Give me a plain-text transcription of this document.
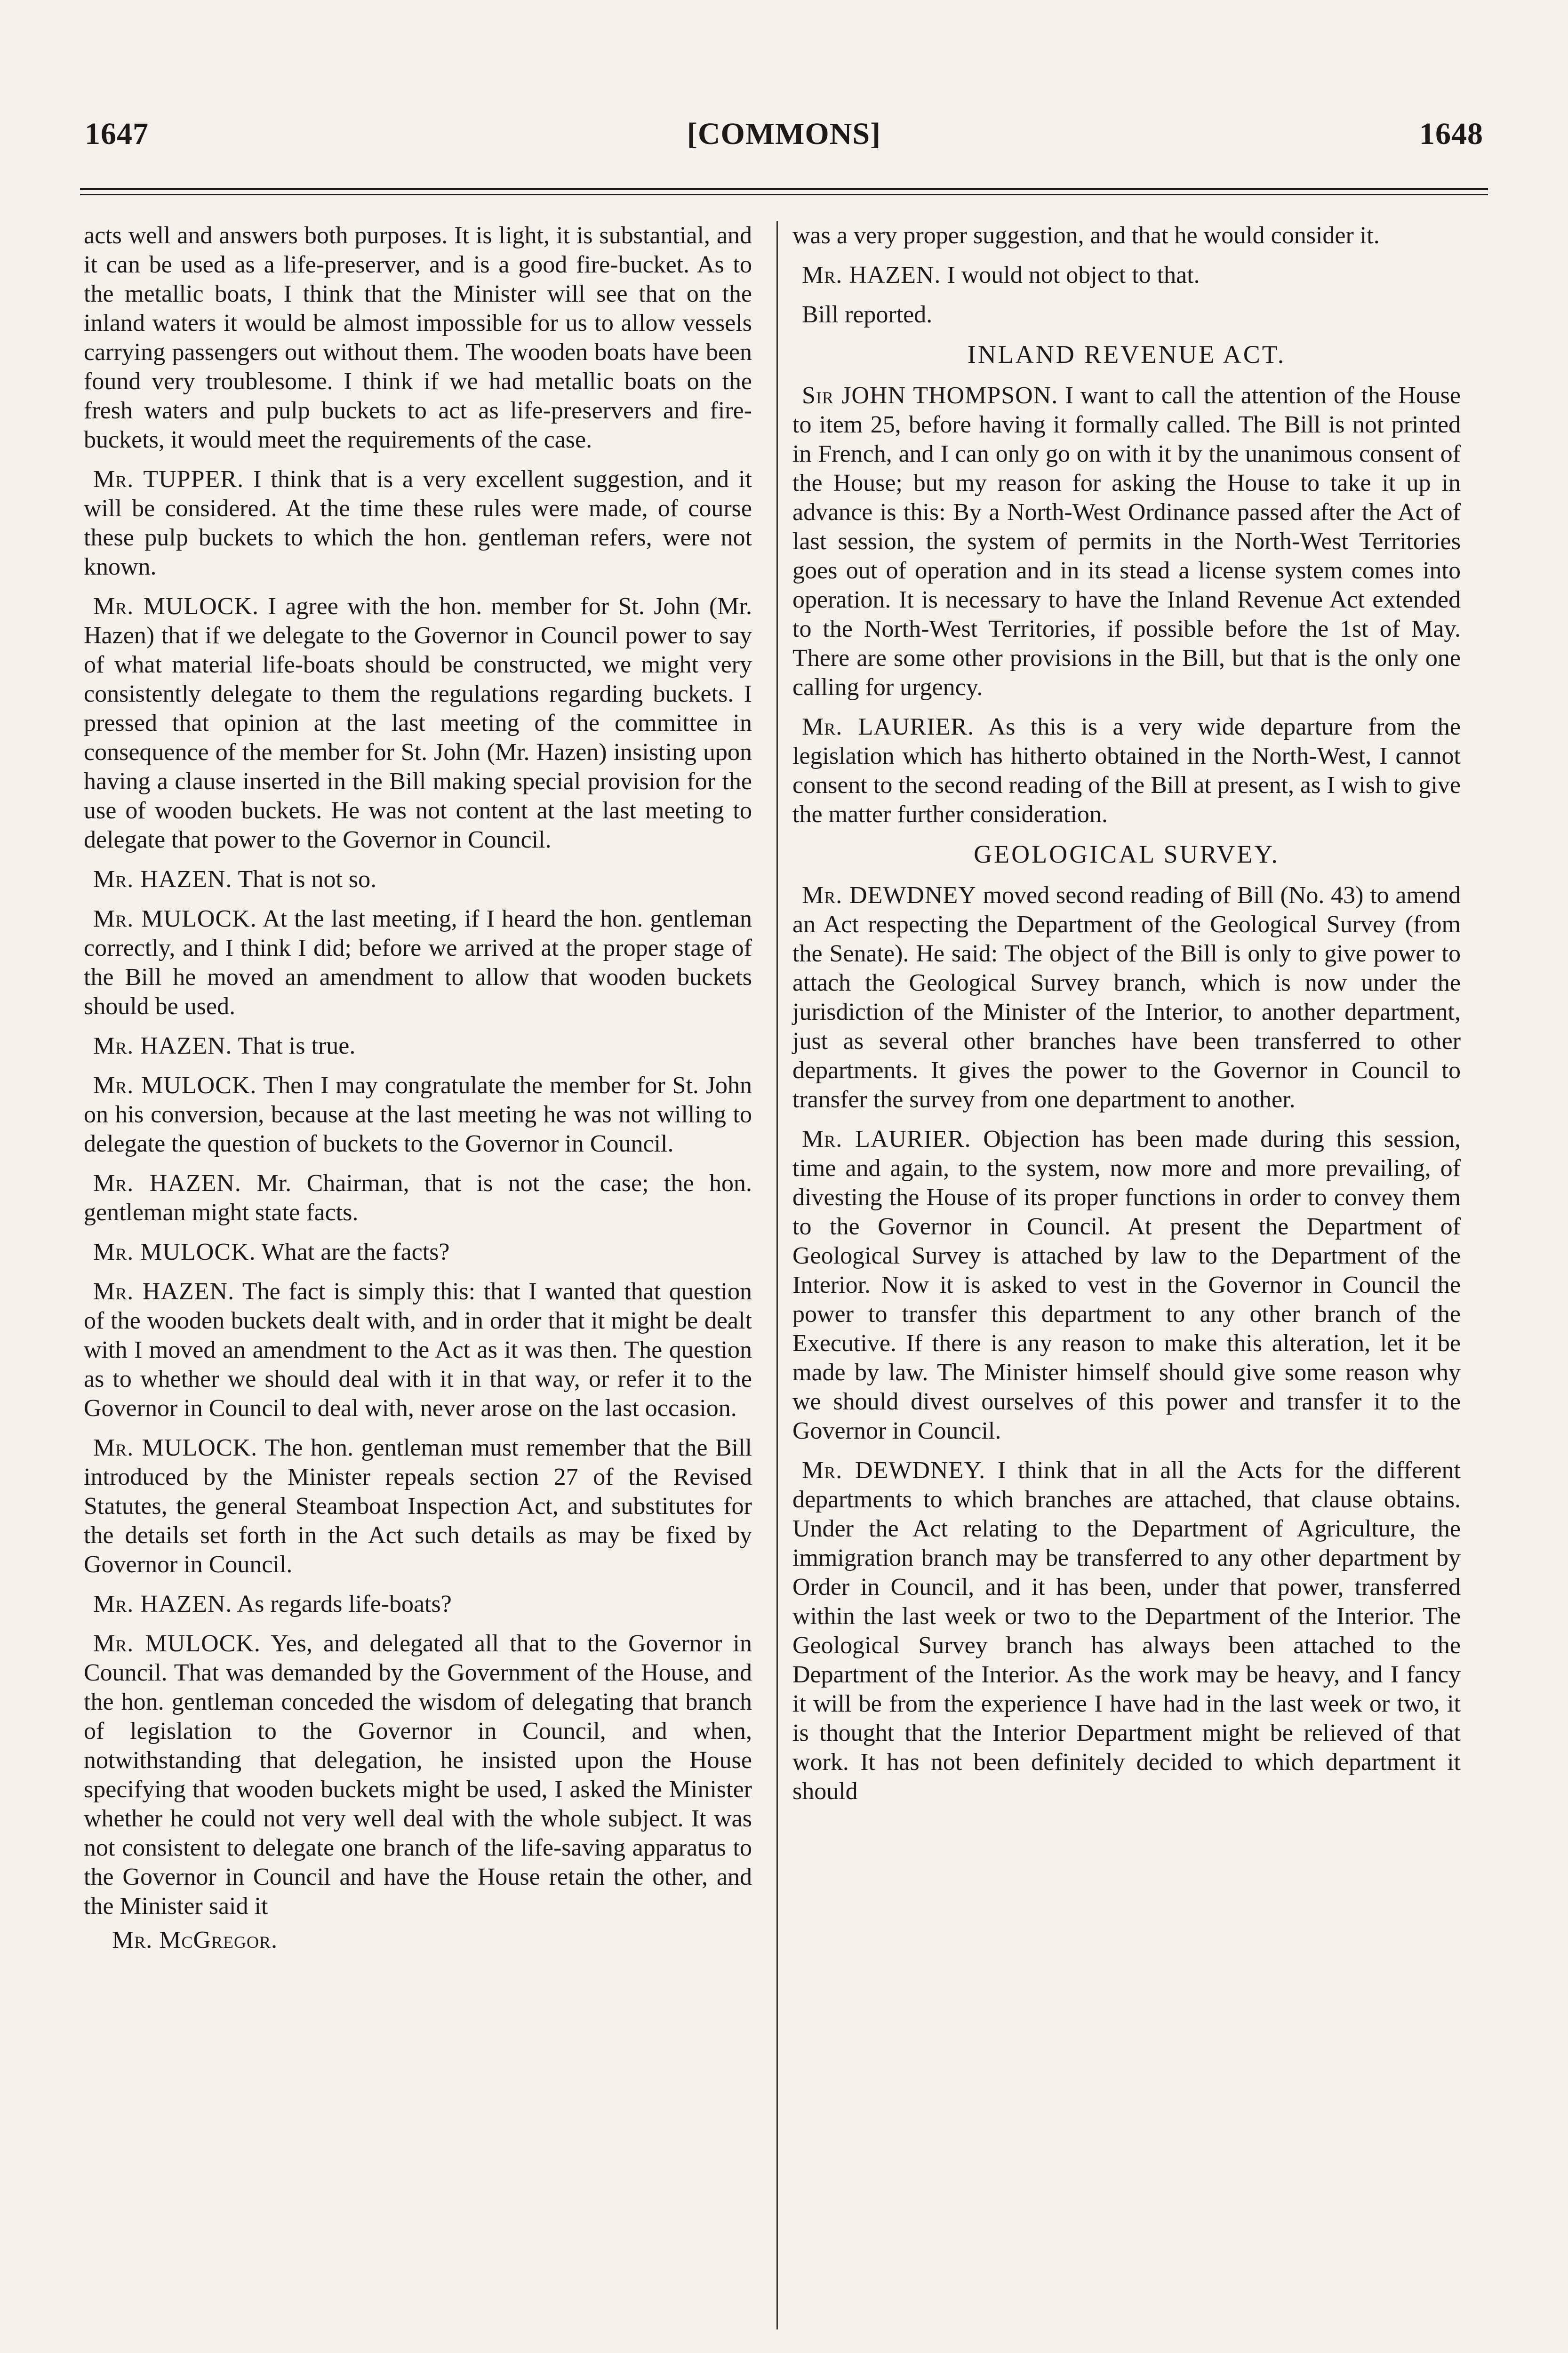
1647	[COMMONS]	1648

acts well and answers both purposes. It is light, it is substantial, and it can be used as a life-preserver, and is a good fire-bucket. As to the metallic boats, I think that the Minister will see that on the inland waters it would be almost impossible for us to allow vessels carrying passengers out without them. The wooden boats have been found very troublesome. I think if we had metallic boats on the fresh waters and pulp buckets to act as life-preservers and fire-buckets, it would meet the requirements of the case.

Mr. TUPPER. I think that is a very excellent suggestion, and it will be considered. At the time these rules were made, of course these pulp buckets to which the hon. gentleman refers, were not known.

Mr. MULOCK. I agree with the hon. member for St. John (Mr. Hazen) that if we delegate to the Governor in Council power to say of what material life-boats should be constructed, we might very consistently delegate to them the regulations regarding buckets. I pressed that opinion at the last meeting of the committee in consequence of the member for St. John (Mr. Hazen) insisting upon having a clause inserted in the Bill making special provision for the use of wooden buckets. He was not content at the last meeting to delegate that power to the Governor in Council.

Mr. HAZEN. That is not so.

Mr. MULOCK. At the last meeting, if I heard the hon. gentleman correctly, and I think I did; before we arrived at the proper stage of the Bill he moved an amendment to allow that wooden buckets should be used.

Mr. HAZEN. That is true.

Mr. MULOCK. Then I may congratulate the member for St. John on his conversion, because at the last meeting he was not willing to delegate the question of buckets to the Governor in Council.

Mr. HAZEN. Mr. Chairman, that is not the case; the hon. gentleman might state facts.

Mr. MULOCK. What are the facts?

Mr. HAZEN. The fact is simply this: that I wanted that question of the wooden buckets dealt with, and in order that it might be dealt with I moved an amendment to the Act as it was then. The question as to whether we should deal with it in that way, or refer it to the Governor in Council to deal with, never arose on the last occasion.

Mr. MULOCK. The hon. gentleman must remember that the Bill introduced by the Minister repeals section 27 of the Revised Statutes, the general Steamboat Inspection Act, and substitutes for the details set forth in the Act such details as may be fixed by Governor in Council.

Mr. HAZEN. As regards life-boats?

Mr. MULOCK. Yes, and delegated all that to the Governor in Council. That was demanded by the Government of the House, and the hon. gentleman conceded the wisdom of delegating that branch of legislation to the Governor in Council, and when, notwithstanding that delegation, he insisted upon the House specifying that wooden buckets might be used, I asked the Minister whether he could not very well deal with the whole subject. It was not consistent to delegate one branch of the life-saving apparatus to the Governor in Council and have the House retain the other, and the Minister said it

Mr. McGregor.

was a very proper suggestion, and that he would consider it.

Mr. HAZEN. I would not object to that.

Bill reported.

INLAND REVENUE ACT.

Sir JOHN THOMPSON. I want to call the attention of the House to item 25, before having it formally called. The Bill is not printed in French, and I can only go on with it by the unanimous consent of the House; but my reason for asking the House to take it up in advance is this: By a North-West Ordinance passed after the Act of last session, the system of permits in the North-West Territories goes out of operation and in its stead a license system comes into operation. It is necessary to have the Inland Revenue Act extended to the North-West Territories, if possible before the 1st of May. There are some other provisions in the Bill, but that is the only one calling for urgency.

Mr. LAURIER. As this is a very wide departure from the legislation which has hitherto obtained in the North-West, I cannot consent to the second reading of the Bill at present, as I wish to give the matter further consideration.

GEOLOGICAL SURVEY.

Mr. DEWDNEY moved second reading of Bill (No. 43) to amend an Act respecting the Department of the Geological Survey (from the Senate). He said: The object of the Bill is only to give power to attach the Geological Survey branch, which is now under the jurisdiction of the Minister of the Interior, to another department, just as several other branches have been transferred to other departments. It gives the power to the Governor in Council to transfer the survey from one department to another.

Mr. LAURIER. Objection has been made during this session, time and again, to the system, now more and more prevailing, of divesting the House of its proper functions in order to convey them to the Governor in Council. At present the Department of Geological Survey is attached by law to the Department of the Interior. Now it is asked to vest in the Governor in Council the power to transfer this department to any other branch of the Executive. If there is any reason to make this alteration, let it be made by law. The Minister himself should give some reason why we should divest ourselves of this power and transfer it to the Governor in Council.

Mr. DEWDNEY. I think that in all the Acts for the different departments to which branches are attached, that clause obtains. Under the Act relating to the Department of Agriculture, the immigration branch may be transferred to any other department by Order in Council, and it has been, under that power, transferred within the last week or two to the Department of the Interior. The Geological Survey branch has always been attached to the Department of the Interior. As the work may be heavy, and I fancy it will be from the experience I have had in the last week or two, it is thought that the Interior Department might be relieved of that work. It has not been definitely decided to which department it should
